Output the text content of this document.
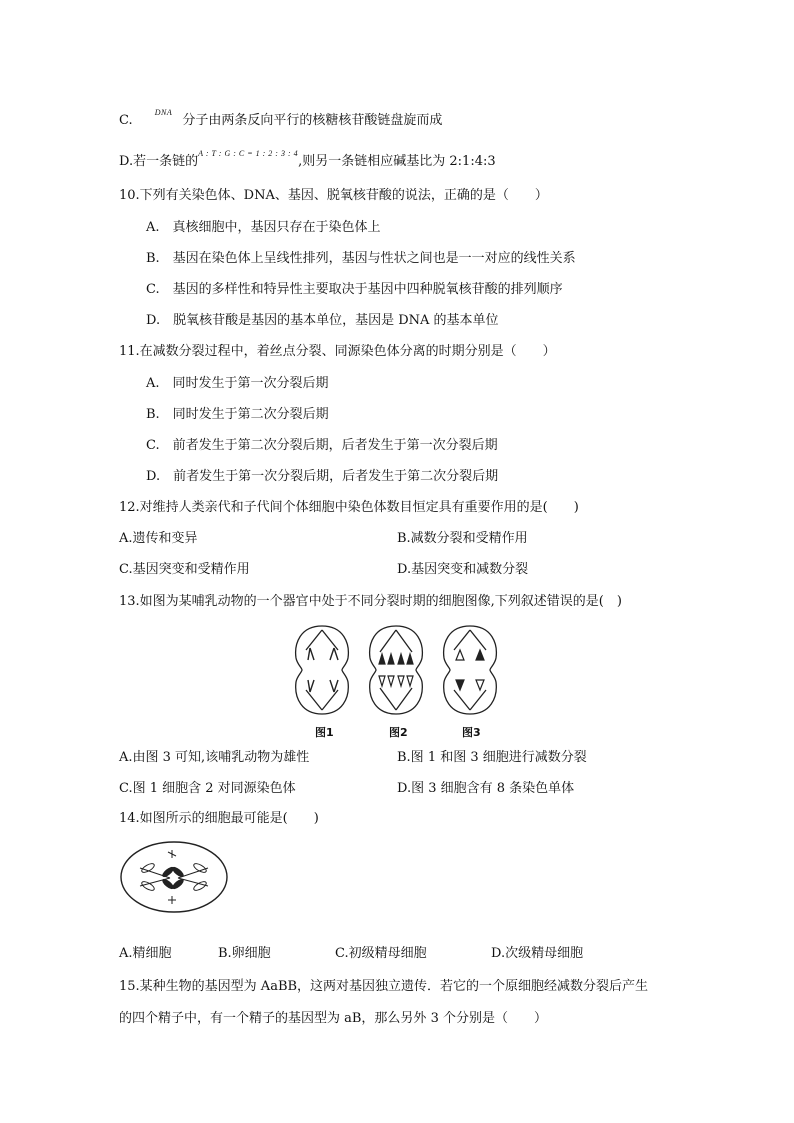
C. $^{DNA}$ 分子由两条反向平行的核糖核苷酸链盘旋而成
D.若一条链的$^{A : T : G : C = 1 : 2 : 3 : 4}$,则另一条链相应碱基比为 2:1:4:3
10.下列有关染色体、DNA、基因、脱氧核苷酸的说法，正确的是（　　）
A.　真核细胞中，基因只存在于染色体上
B.　基因在染色体上呈线性排列，基因与性状之间也是一一对应的线性关系
C.　基因的多样性和特异性主要取决于基因中四种脱氧核苷酸的排列顺序
D.　脱氧核苷酸是基因的基本单位，基因是 DNA 的基本单位
11.在减数分裂过程中，着丝点分裂、同源染色体分离的时期分别是（　　）
A.　同时发生于第一次分裂后期
B.　同时发生于第二次分裂后期
C.　前者发生于第二次分裂后期，后者发生于第一次分裂后期
D.　前者发生于第一次分裂后期，后者发生于第二次分裂后期
12.对维持人类亲代和子代间个体细胞中染色体数目恒定具有重要作用的是(　　)
A.遗传和变异	B.减数分裂和受精作用
C.基因突变和受精作用	D.基因突变和减数分裂
13.如图为某哺乳动物的一个器官中处于不同分裂时期的细胞图像,下列叙述错误的是(　)
图1	图2	图3
A.由图 3 可知,该哺乳动物为雄性	B.图 1 和图 3 细胞进行减数分裂
C.图 1 细胞含 2 对同源染色体	D.图 3 细胞含有 8 条染色单体
14.如图所示的细胞最可能是(　　)
A.精细胞	B.卵细胞	C.初级精母细胞	D.次级精母细胞
15.某种生物的基因型为 AaBB，这两对基因独立遗传．若它的一个原细胞经减数分裂后产生
的四个精子中，有一个精子的基因型为 aB，那么另外 3 个分别是（　　）
